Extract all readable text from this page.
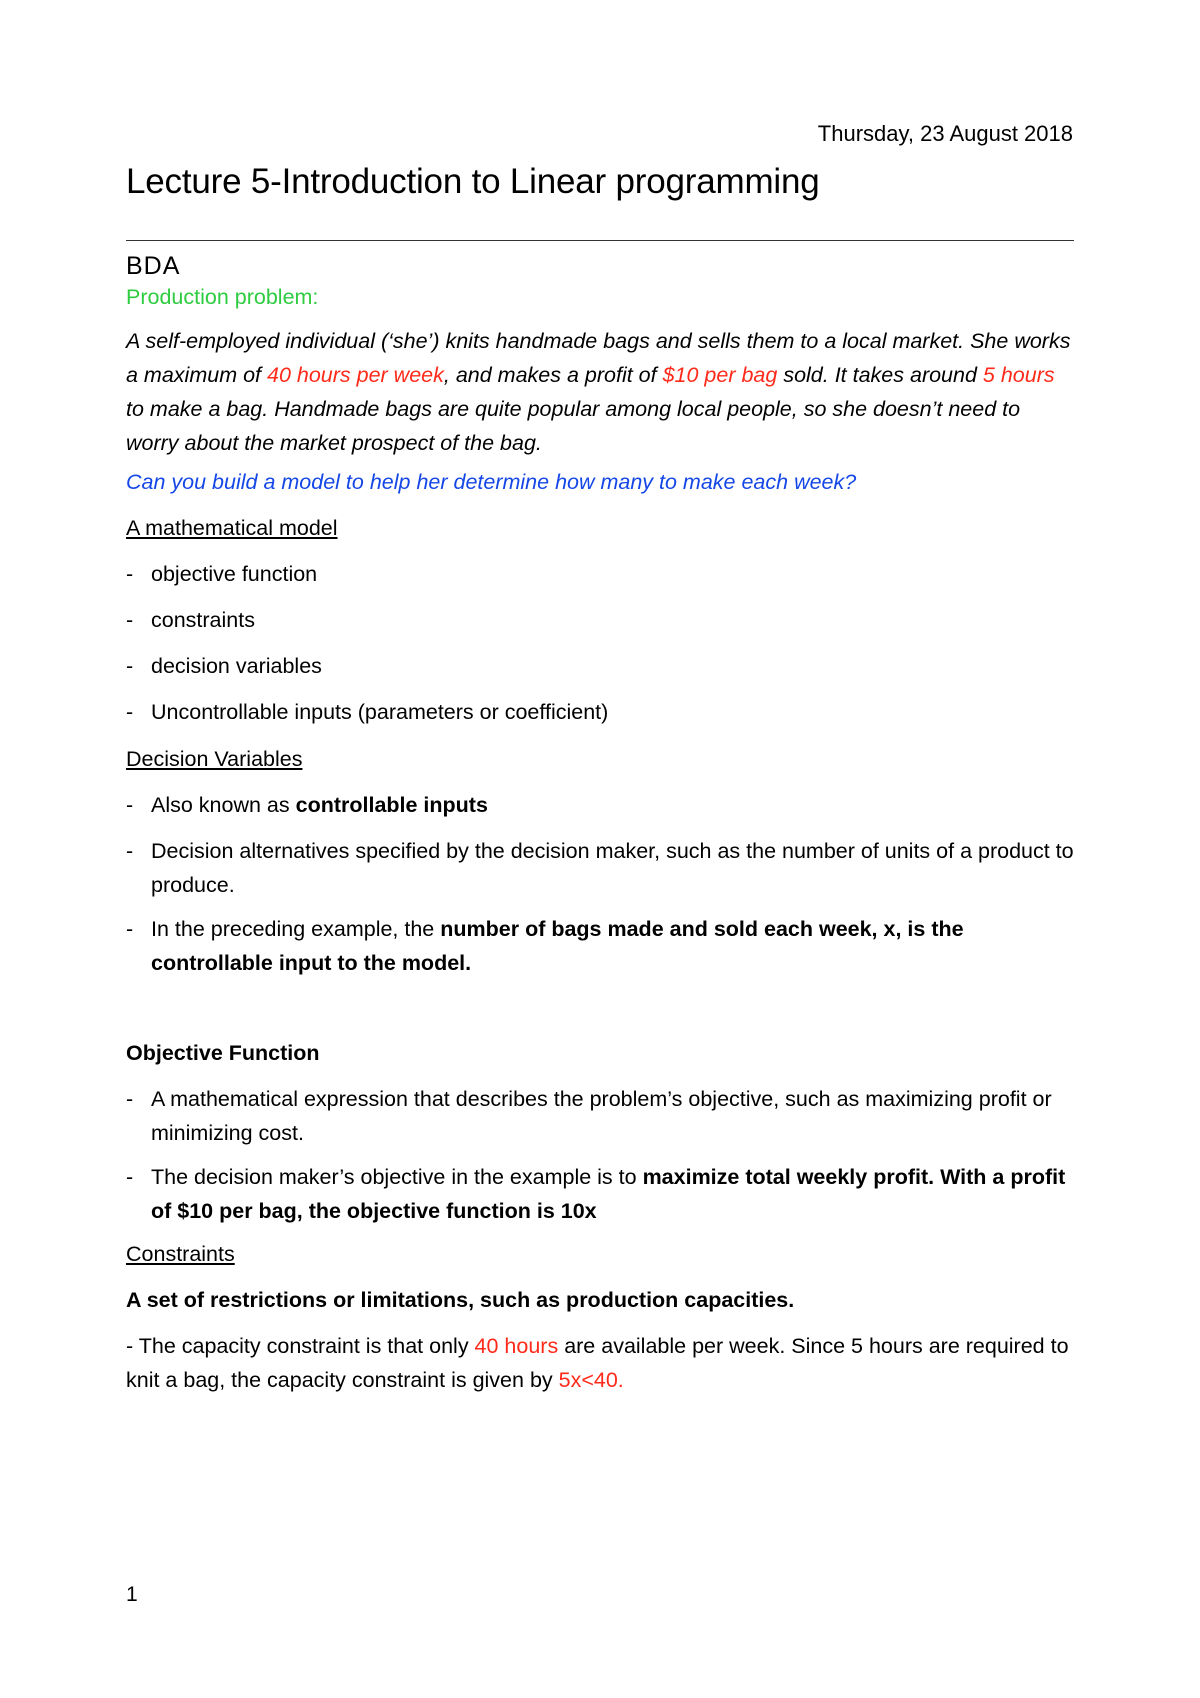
Thursday, 23 August 2018
Lecture 5-Introduction to Linear programming
BDA
Production problem:
A self-employed individual (‘she’) knits handmade bags and sells them to a local market. She works a maximum of 40 hours per week, and makes a profit of $10 per bag sold. It takes around 5 hours to make a bag. Handmade bags are quite popular among local people, so she doesn’t need to worry about the market prospect of the bag.
Can you build a model to help her determine how many to make each week?
A mathematical model
- objective function
- constraints
- decision variables
- Uncontrollable inputs (parameters or coefficient)
Decision Variables
- Also known as controllable inputs
- Decision alternatives specified by the decision maker, such as the number of units of a product to produce.
- In the preceding example, the number of bags made and sold each week, x, is the controllable input to the model.
Objective Function
- A mathematical expression that describes the problem’s objective, such as maximizing profit or minimizing cost.
- The decision maker’s objective in the example is to maximize total weekly profit. With a profit of $10 per bag, the objective function is 10x
Constraints
A set of restrictions or limitations, such as production capacities.
- The capacity constraint is that only 40 hours are available per week. Since 5 hours are required to knit a bag, the capacity constraint is given by 5x<40.
1
